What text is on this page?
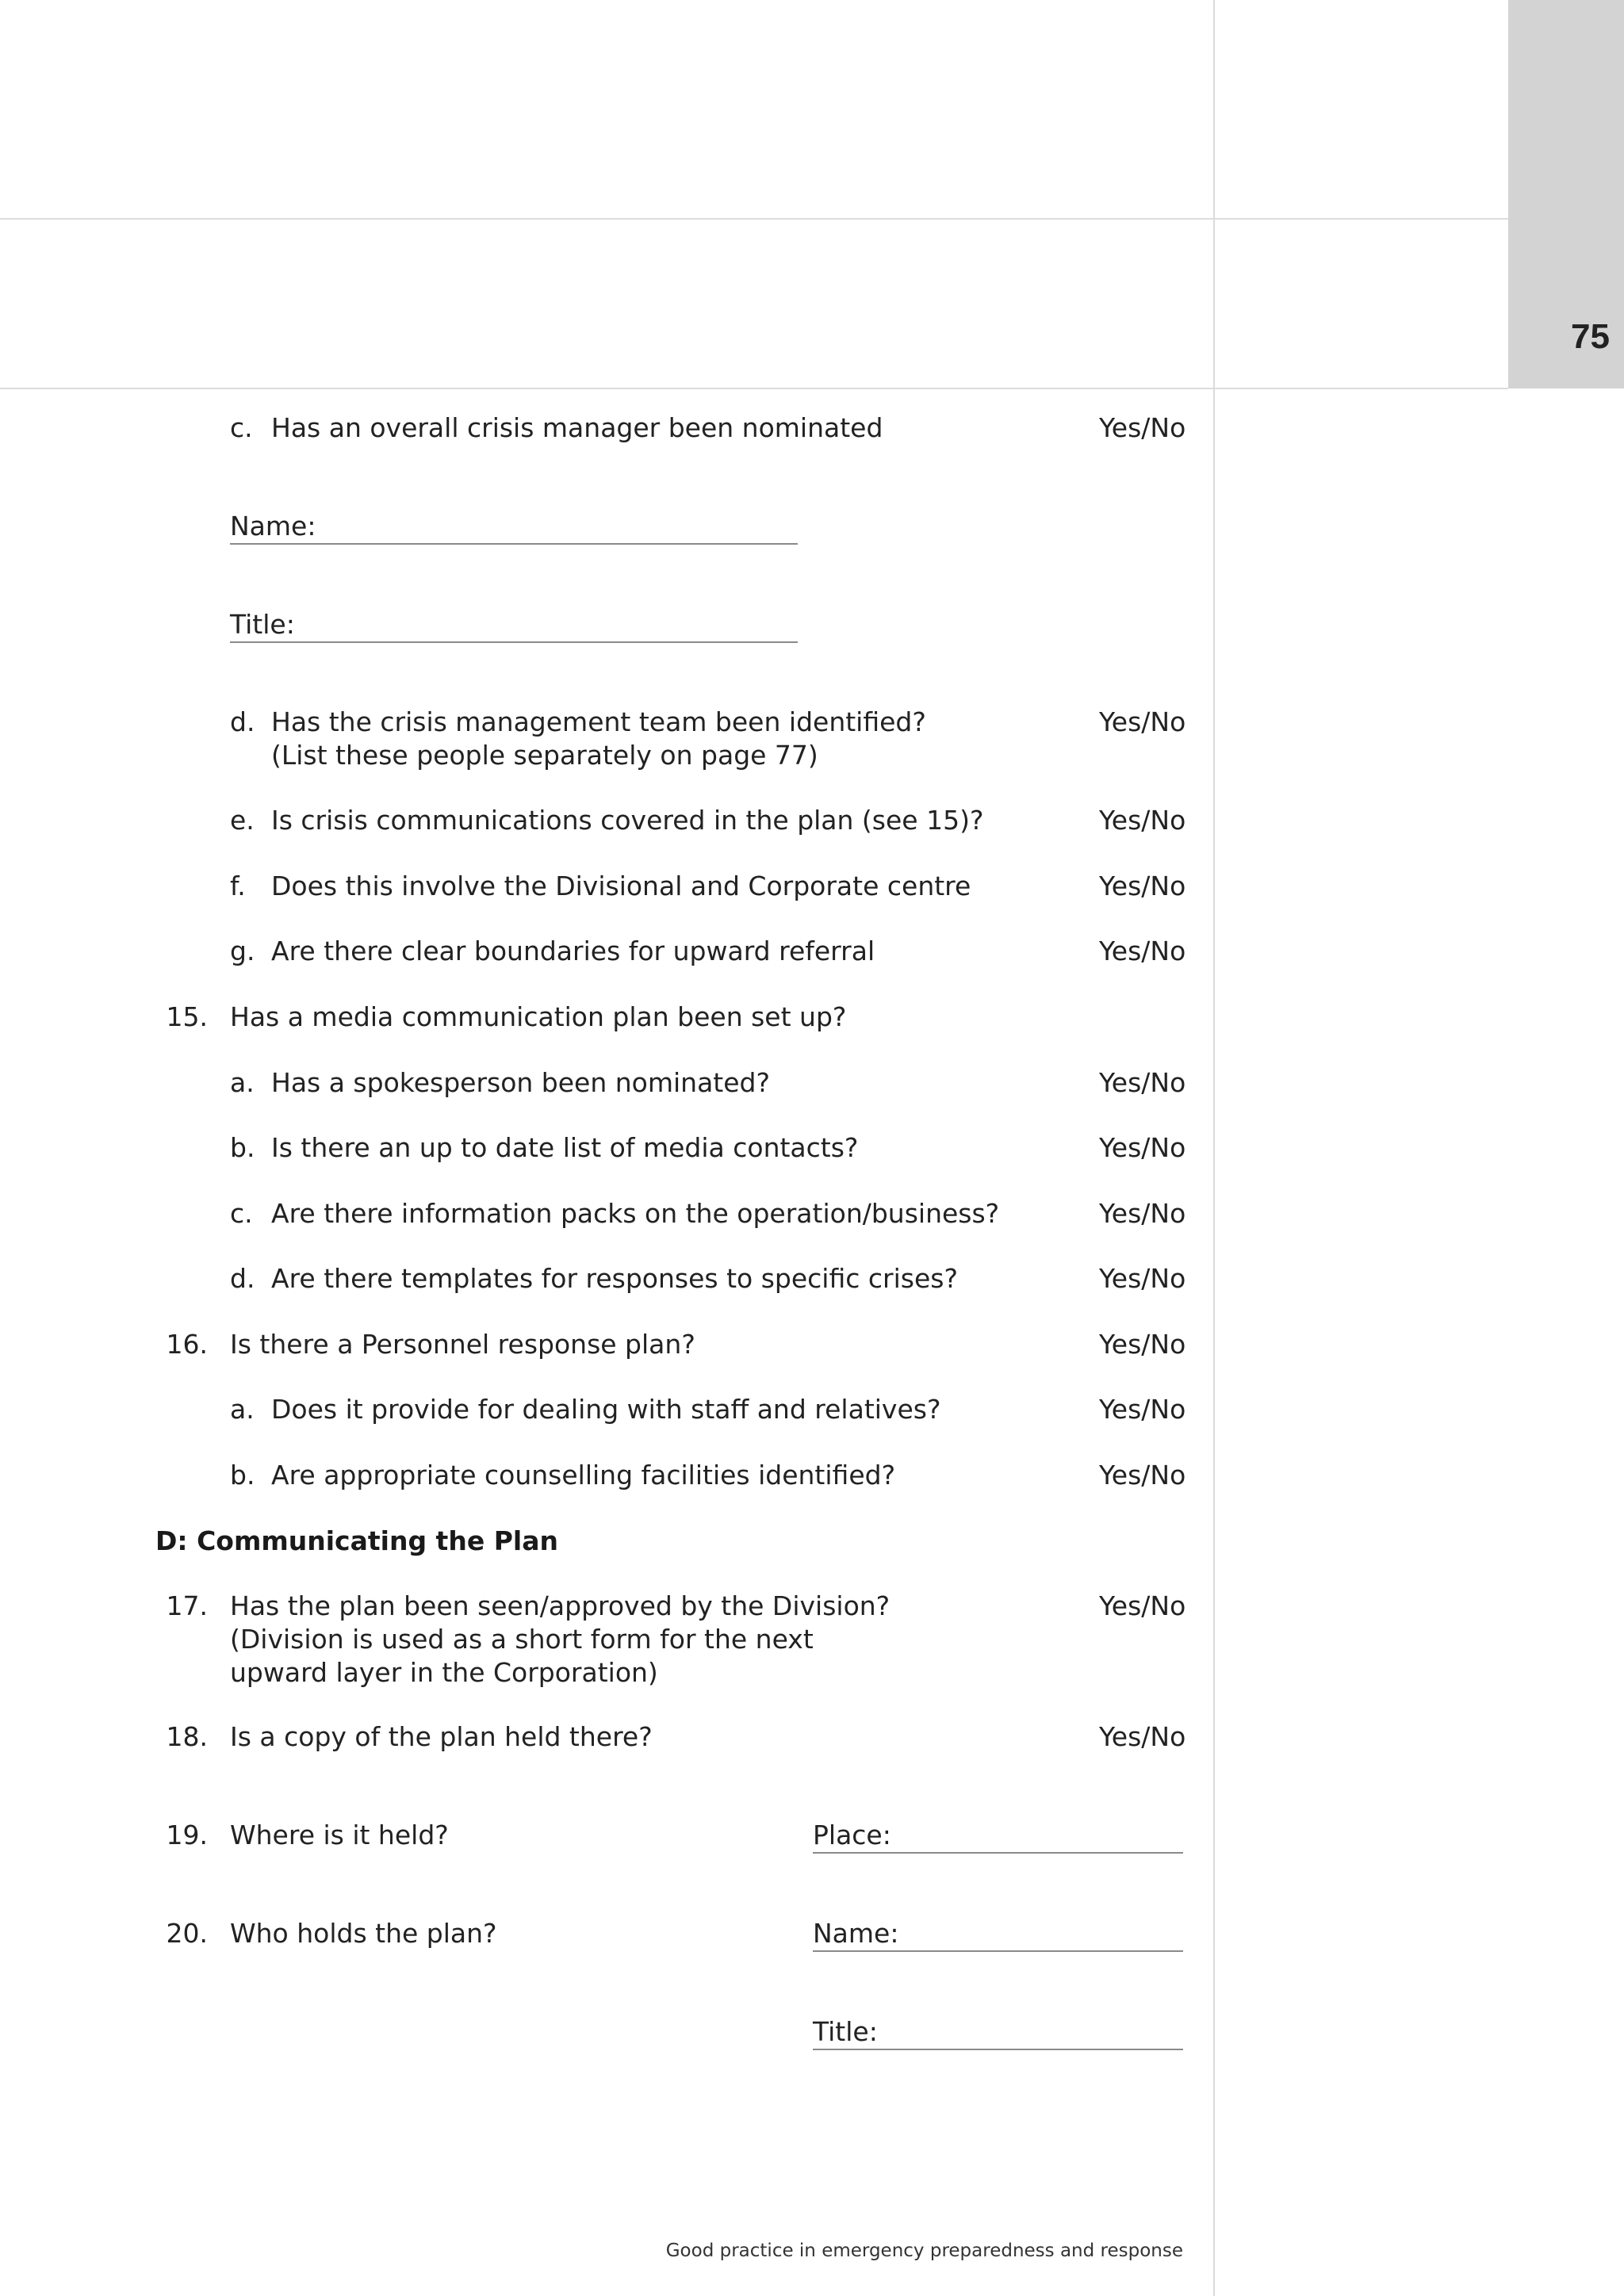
75
c. Has an overall crisis manager been nominated	Yes/No
Name:
Title:
d. Has the crisis management team been identified?
(List these people separately on page 77)
Yes/No
e. Is crisis communications covered in the plan (see 15)?	Yes/No
f. Does this involve the Divisional and Corporate centre	Yes/No
g. Are there clear boundaries for upward referral	Yes/No
15. Has a media communication plan been set up?
a. Has a spokesperson been nominated?	Yes/No
b. Is there an up to date list of media contacts?	Yes/No
c. Are there information packs on the operation/business?	Yes/No
d. Are there templates for responses to specific crises?	Yes/No
16. Is there a Personnel response plan?	Yes/No
a. Does it provide for dealing with staff and relatives?	Yes/No
b. Are appropriate counselling facilities identified?	Yes/No
D: Communicating the Plan
17. Has the plan been seen/approved by the Division?
(Division is used as a short form for the next
upward layer in the Corporation)
Yes/No
18. Is a copy of the plan held there?	Yes/No
19. Where is it held?	Place:
20. Who holds the plan?	Name:
Title:
Good practice in emergency preparedness and response
